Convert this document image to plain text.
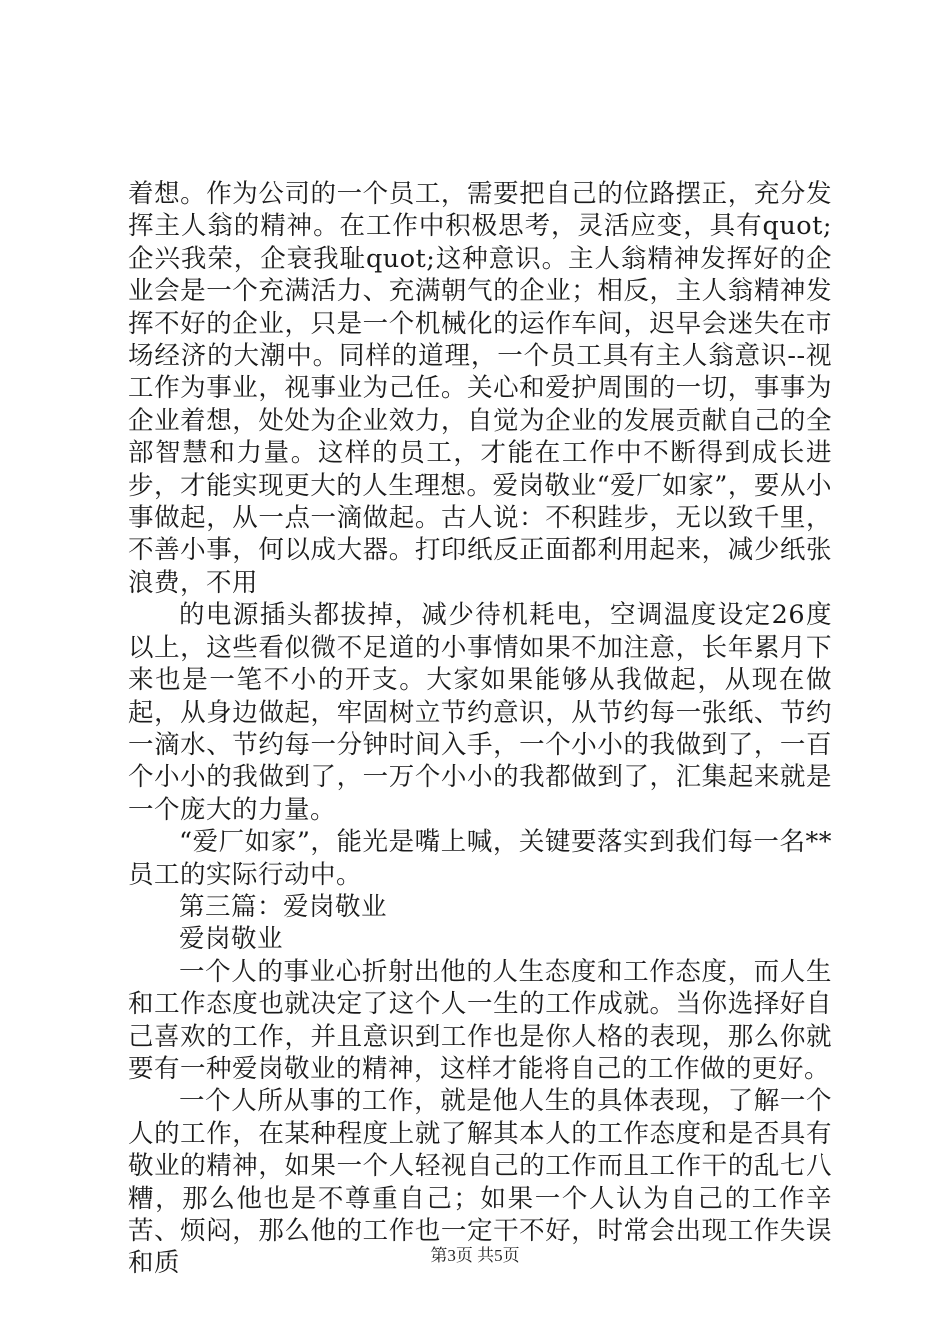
着想。作为公司的一个员工，需要把自己的位路摆正，充分发挥主人翁的精神。在工作中积极思考，灵活应变，具有quot;企兴我荣，企衰我耻quot;这种意识。主人翁精神发挥好的企业会是一个充满活力、充满朝气的企业；相反，主人翁精神发挥不好的企业，只是一个机械化的运作车间，迟早会迷失在市场经济的大潮中。同样的道理，一个员工具有主人翁意识--视工作为事业，视事业为己任。关心和爱护周围的一切，事事为企业着想，处处为企业效力，自觉为企业的发展贡献自己的全部智慧和力量。这样的员工，才能在工作中不断得到成长进步，才能实现更大的人生理想。爱岗敬业“爱厂如家”，要从小事做起，从一点一滴做起。古人说：不积跬步，无以致千里，不善小事，何以成大器。打印纸反正面都利用起来，减少纸张浪费，不用

的电源插头都拔掉，减少待机耗电，空调温度设定26度以上，这些看似微不足道的小事情如果不加注意，长年累月下来也是一笔不小的开支。大家如果能够从我做起，从现在做起，从身边做起，牢固树立节约意识，从节约每一张纸、节约一滴水、节约每一分钟时间入手，一个小小的我做到了，一百个小小的我做到了，一万个小小的我都做到了，汇集起来就是一个庞大的力量。

“爱厂如家”，能光是嘴上喊，关键要落实到我们每一名**员工的实际行动中。

第三篇：爱岗敬业

爱岗敬业

一个人的事业心折射出他的人生态度和工作态度，而人生和工作态度也就决定了这个人一生的工作成就。当你选择好自己喜欢的工作，并且意识到工作也是你人格的表现，那么你就要有一种爱岗敬业的精神，这样才能将自己的工作做的更好。

一个人所从事的工作，就是他人生的具体表现，了解一个人的工作，在某种程度上就了解其本人的工作态度和是否具有敬业的精神，如果一个人轻视自己的工作而且工作干的乱七八糟，那么他也是不尊重自己；如果一个人认为自己的工作辛苦、烦闷，那么他的工作也一定干不好，时常会出现工作失误和质	第3页 共5页
